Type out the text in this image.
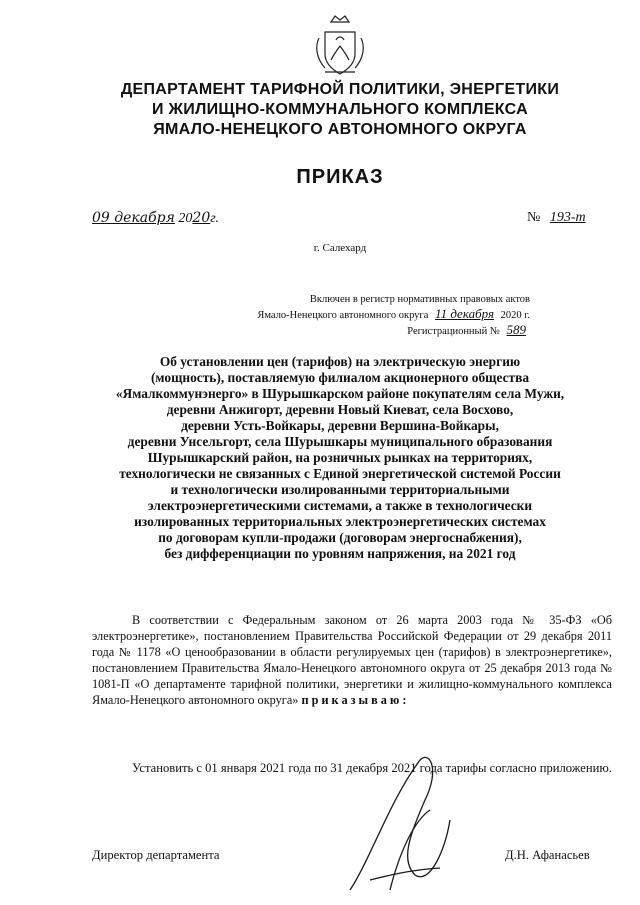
ДЕПАРТАМЕНТ ТАРИФНОЙ ПОЛИТИКИ, ЭНЕРГЕТИКИ
И ЖИЛИЩНО-КОММУНАЛЬНОГО КОМПЛЕКСА
ЯМАЛО-НЕНЕЦКОГО АВТОНОМНОГО ОКРУГА
ПРИКАЗ
09 декабря 2020г.	№ 193-т
г. Салехард
Включен в регистр нормативных правовых актов
Ямало-Ненецкого автономного округа 11 декабря 2020 г.
Регистрационный № 589
Об установлении цен (тарифов) на электрическую энергию
(мощность), поставляемую филиалом акционерного общества
«Ямалкоммунэнерго» в Шурышкарском районе покупателям села Мужи,
деревни Анжигорт, деревни Новый Киеват, села Восхово,
деревни Усть-Войкары, деревни Вершина-Войкары,
деревни Унсельгорт, села Шурышкары муниципального образования
Шурышкарский район, на розничных рынках на территориях,
технологически не связанных с Единой энергетической системой России
и технологически изолированными территориальными
электроэнергетическими системами, а также в технологически
изолированных территориальных электроэнергетических системах
по договорам купли-продажи (договорам энергоснабжения),
без дифференциации по уровням напряжения, на 2021 год
В соответствии с Федеральным законом от 26 марта 2003 года № 35-ФЗ «Об электроэнергетике», постановлением Правительства Российской Федерации от 29 декабря 2011 года № 1178 «О ценообразовании в области регулируемых цен (тарифов) в электроэнергетике», постановлением Правительства Ямало-Ненецкого автономного округа от 25 декабря 2013 года № 1081-П «О департаменте тарифной политики, энергетики и жилищно-коммунального комплекса Ямало-Ненецкого автономного округа» приказываю:
Установить с 01 января 2021 года по 31 декабря 2021 года тарифы согласно приложению.
Директор департамента	Д.Н. Афанасьев
